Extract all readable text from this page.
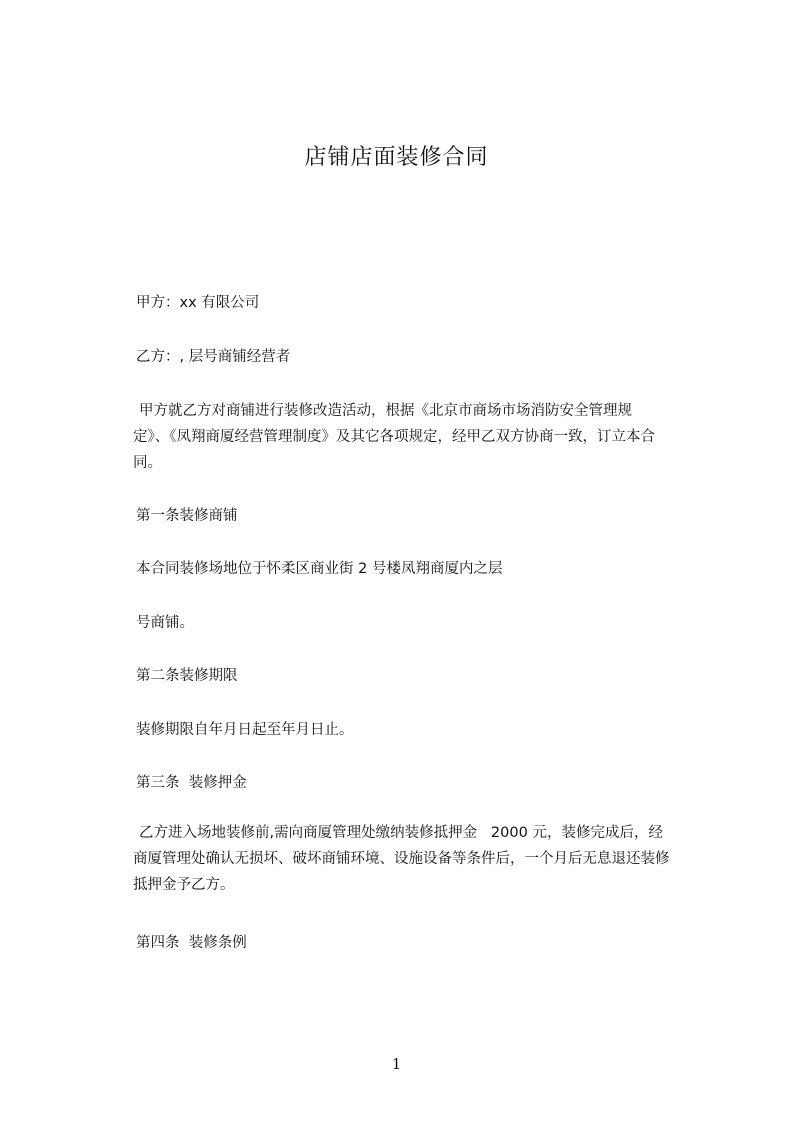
店铺店面装修合同
甲方：xx 有限公司
乙方：, 层号商铺经营者
甲方就乙方对商铺进行装修改造活动，根据《北京市商场市场消防安全管理规
定》、《凤翔商厦经营管理制度》及其它各项规定，经甲乙双方协商一致，订立本合
同。
第一条装修商铺
本合同装修场地位于怀柔区商业街 2 号楼凤翔商厦内之层
号商铺。
第二条装修期限
装修期限自年月日起至年月日止。
第三条  装修押金
乙方进入场地装修前,需向商厦管理处缴纳装修抵押金   2000 元，装修完成后，经
商厦管理处确认无损坏、破坏商铺环境、设施设备等条件后，一个月后无息退还装修
抵押金予乙方。
第四条  装修条例
1
